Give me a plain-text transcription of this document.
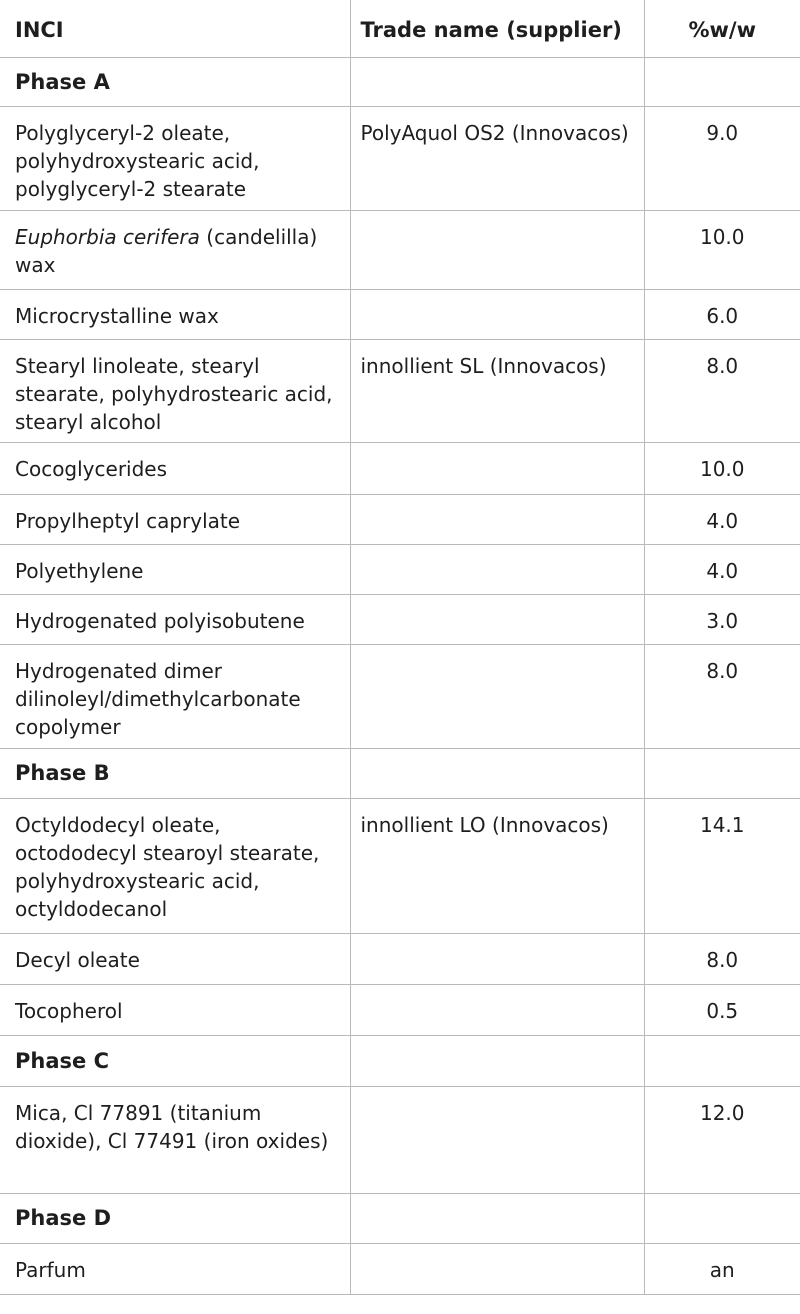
INCI	Trade name (supplier)	%w/w
Phase A		
Polyglyceryl-2 oleate, polyhydroxystearic acid, polyglyceryl-2 stearate	PolyAquol OS2 (Innovacos)	9.0
Euphorbia cerifera (candelilla) wax		10.0
Microcrystalline wax		6.0
Stearyl linoleate, stearyl stearate, polyhydrostearic acid, stearyl alcohol	innollient SL (Innovacos)	8.0
Cocoglycerides		10.0
Propylheptyl caprylate		4.0
Polyethylene		4.0
Hydrogenated polyisobutene		3.0
Hydrogenated dimer dilinoleyl/dimethylcarbonate copolymer		8.0
Phase B		
Octyldodecyl oleate, octododecyl stearoyl stearate, polyhydroxystearic acid, octyldodecanol	innollient LO (Innovacos)	14.1
Decyl oleate		8.0
Tocopherol		0.5
Phase C		
Mica, Cl 77891 (titanium dioxide), Cl 77491 (iron oxides)		12.0
Phase D		
Parfum		an
